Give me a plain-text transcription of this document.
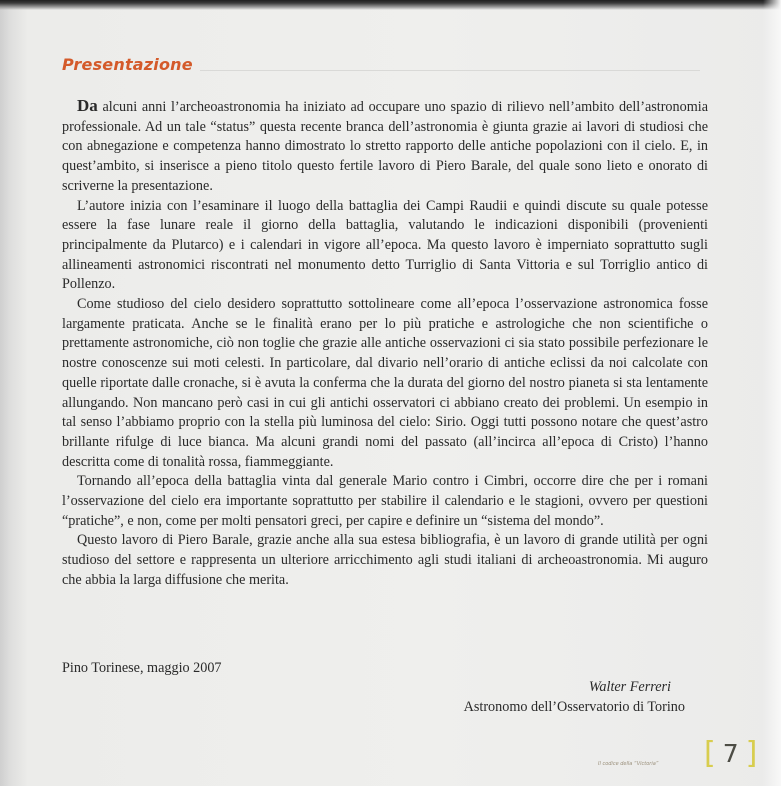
Presentazione

Da alcuni anni l’archeoastronomia ha iniziato ad occupare uno spazio di rilievo nell’ambito dell’astronomia professionale. Ad un tale “status” questa recente branca dell’astronomia è giunta grazie ai lavori di studiosi che con abnegazione e competenza hanno dimostrato lo stretto rapporto delle antiche popolazioni con il cielo. E, in quest’ambito, si inserisce a pieno titolo questo fertile lavoro di Piero Barale, del quale sono lieto e onorato di scriverne la presentazione.

L’autore inizia con l’esaminare il luogo della battaglia dei Campi Raudii e quindi discute su quale potesse essere la fase lunare reale il giorno della battaglia, valutando le indicazioni disponibili (provenienti principalmente da Plutarco) e i calendari in vigore all’epoca. Ma questo lavoro è imperniato soprattutto sugli allineamenti astronomici riscontrati nel monumento detto Turriglio di Santa Vittoria e sul Torriglio antico di Pollenzo.

Come studioso del cielo desidero soprattutto sottolineare come all’epoca l’osservazione astronomica fosse largamente praticata. Anche se le finalità erano per lo più pratiche e astrologiche che non scientifiche o prettamente astronomiche, ciò non toglie che grazie alle antiche osservazioni ci sia stato possibile perfezionare le nostre conoscenze sui moti celesti. In particolare, dal divario nell’orario di antiche eclissi da noi calcolate con quelle riportate dalle cronache, si è avuta la conferma che la durata del giorno del nostro pianeta si sta lentamente allungando. Non mancano però casi in cui gli antichi osservatori ci abbiano creato dei problemi. Un esempio in tal senso l’abbiamo proprio con la stella più luminosa del cielo: Sirio. Oggi tutti possono notare che quest’astro brillante rifulge di luce bianca. Ma alcuni grandi nomi del passato (all’incirca all’epoca di Cristo) l’hanno descritta come di tonalità rossa, fiammeggiante.

Tornando all’epoca della battaglia vinta dal generale Mario contro i Cimbri, occorre dire che per i romani l’osservazione del cielo era importante soprattutto per stabilire il calendario e le stagioni, ovvero per questioni “pratiche”, e non, come per molti pensatori greci, per capire e definire un “sistema del mondo”.

Questo lavoro di Piero Barale, grazie anche alla sua estesa bibliografia, è un lavoro di grande utilità per ogni studioso del settore e rappresenta un ulteriore arricchimento agli studi italiani di archeoastronomia. Mi auguro che abbia la larga diffusione che merita.

Pino Torinese, maggio 2007
Walter Ferreri
Astronomo dell’Osservatorio di Torino
Il codice della “Victoria” [ 7 ]
